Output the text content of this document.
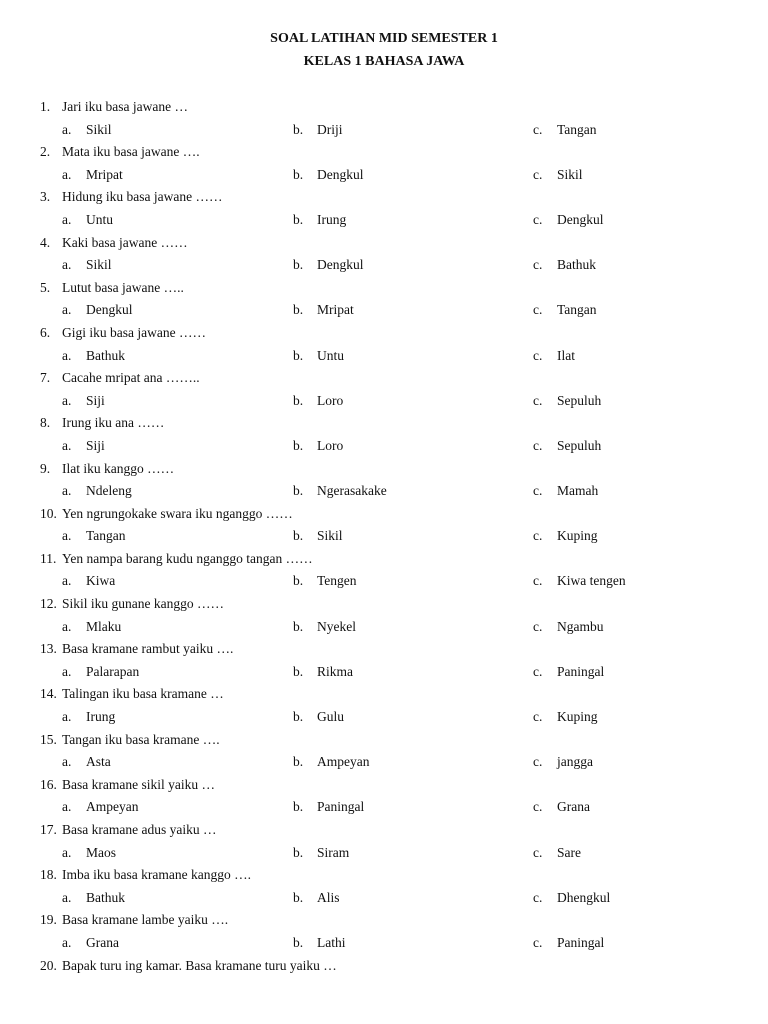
SOAL LATIHAN MID SEMESTER 1
KELAS 1 BAHASA JAWA
1. Jari iku basa jawane …
a. Sikil	b. Driji	c. Tangan
2. Mata iku basa jawane ….
a. Mripat	b. Dengkul	c. Sikil
3. Hidung iku basa jawane ……
a. Untu	b. Irung	c. Dengkul
4. Kaki basa jawane ……
a. Sikil	b. Dengkul	c. Bathuk
5. Lutut basa jawane …..
a. Dengkul	b. Mripat	c. Tangan
6. Gigi iku basa jawane ……
a. Bathuk	b. Untu	c. Ilat
7. Cacahe mripat ana ……..
a. Siji	b. Loro	c. Sepuluh
8. Irung iku ana ……
a. Siji	b. Loro	c. Sepuluh
9. Ilat iku kanggo ……
a. Ndeleng	b. Ngerasakake	c. Mamah
10. Yen ngrungokake swara iku nganggo ……
a. Tangan	b. Sikil	c. Kuping
11. Yen nampa barang kudu nganggo tangan ……
a. Kiwa	b. Tengen	c. Kiwa tengen
12. Sikil iku gunane kanggo ……
a. Mlaku	b. Nyekel	c. Ngambu
13. Basa kramane rambut yaiku ….
a. Palarapan	b. Rikma	c. Paningal
14. Talingan iku basa kramane …
a. Irung	b. Gulu	c. Kuping
15. Tangan iku basa kramane ….
a. Asta	b. Ampeyan	c. jangga
16. Basa kramane sikil yaiku …
a. Ampeyan	b. Paningal	c. Grana
17. Basa kramane adus yaiku …
a. Maos	b. Siram	c. Sare
18. Imba iku basa kramane kanggo ….
a. Bathuk	b. Alis	c. Dhengkul
19. Basa kramane lambe yaiku ….
a. Grana	b. Lathi	c. Paningal
20. Bapak turu ing kamar. Basa kramane turu yaiku …
